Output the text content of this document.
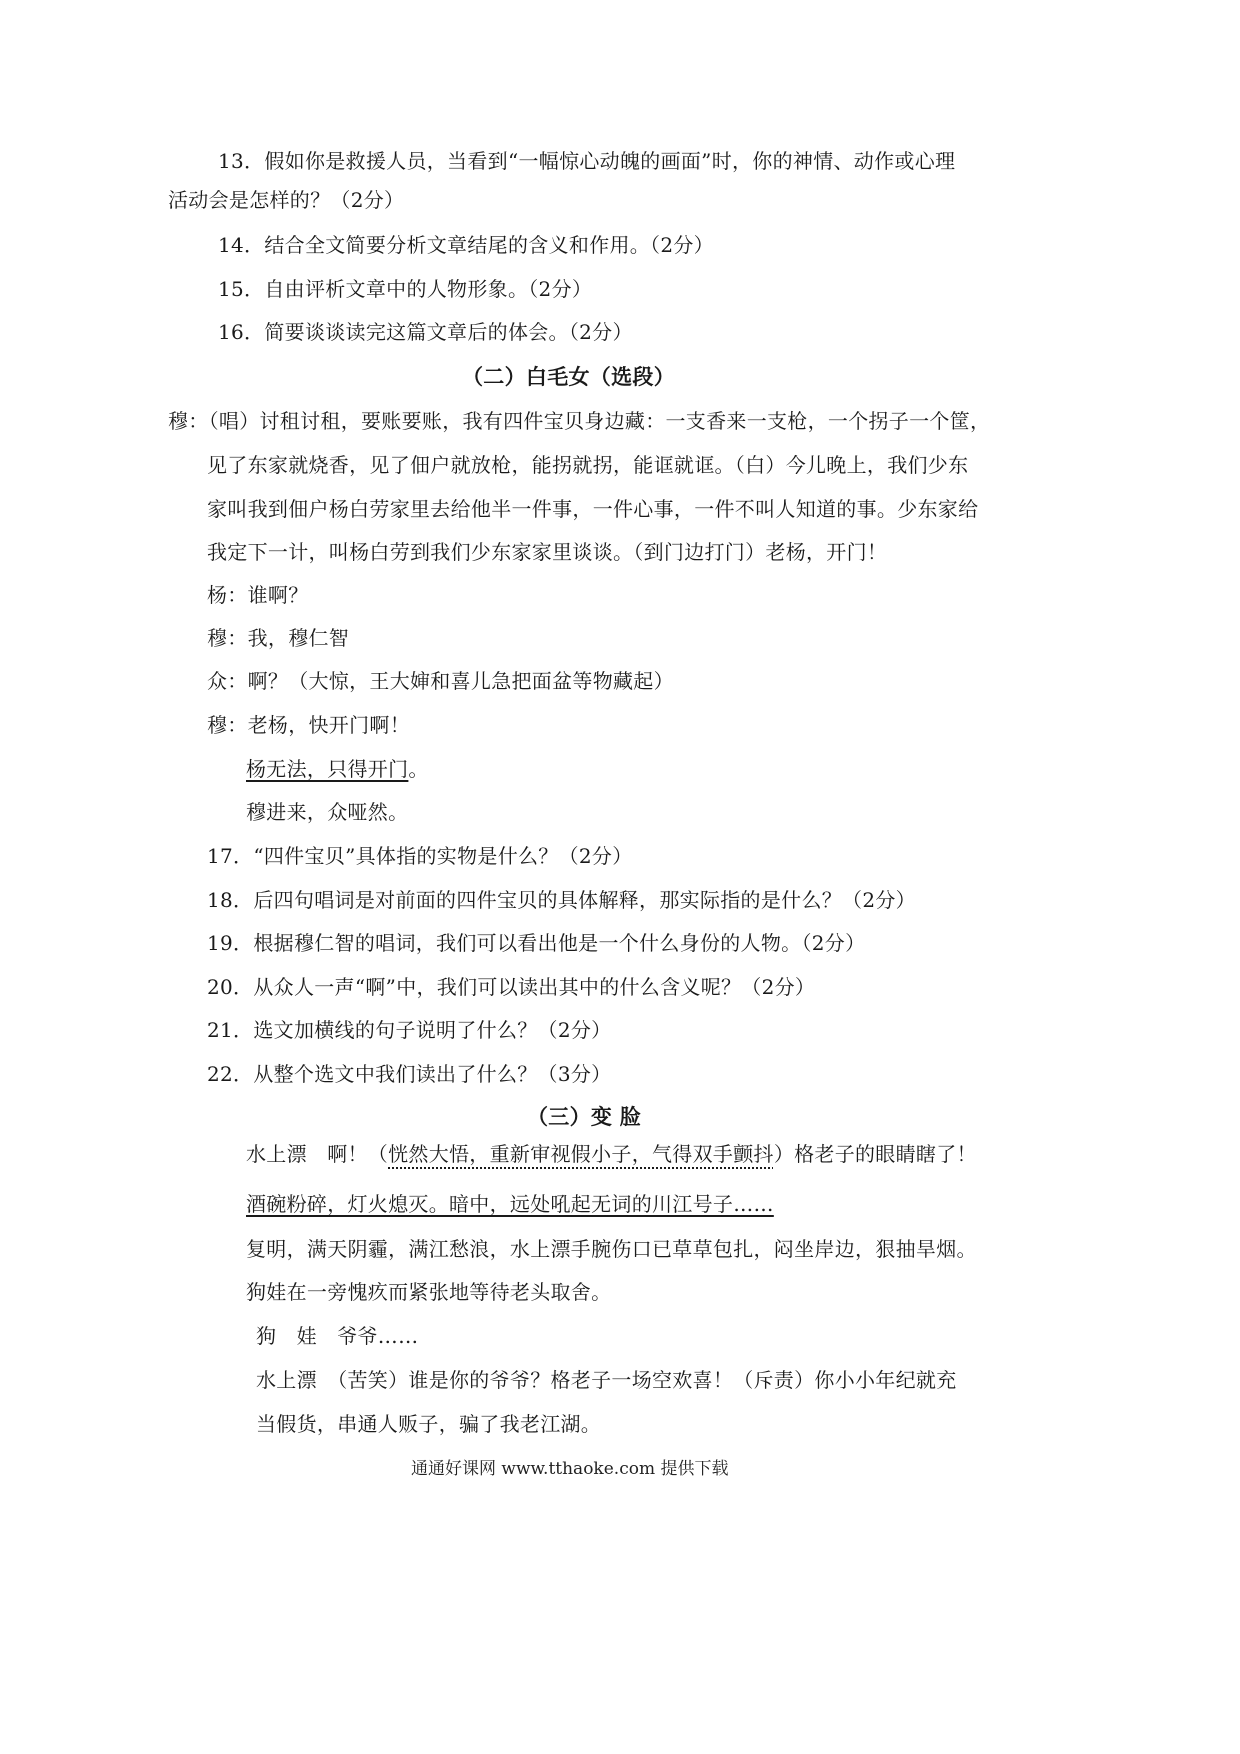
13．假如你是救援人员，当看到“一幅惊心动魄的画面”时，你的神情、动作或心理
活动会是怎样的？（2分）
14．结合全文简要分析文章结尾的含义和作用。（2分）
15．自由评析文章中的人物形象。（2分）
16．简要谈谈读完这篇文章后的体会。（2分）
（二）白毛女（选段）
穆：（唱）讨租讨租，要账要账，我有四件宝贝身边藏：一支香来一支枪，一个拐子一个筐，
见了东家就烧香，见了佃户就放枪，能拐就拐，能诓就诓。（白）今儿晚上，我们少东
家叫我到佃户杨白劳家里去给他半一件事，一件心事，一件不叫人知道的事。少东家给
我定下一计，叫杨白劳到我们少东家家里谈谈。（到门边打门）老杨，开门！
杨：谁啊？
穆：我，穆仁智
众：啊？（大惊，王大婶和喜儿急把面盆等物藏起）
穆：老杨，快开门啊！
杨无法，只得开门。
穆进来，众哑然。
17．“四件宝贝”具体指的实物是什么？（2分）
18．后四句唱词是对前面的四件宝贝的具体解释，那实际指的是什么？（2分）
19．根据穆仁智的唱词，我们可以看出他是一个什么身份的人物。（2分）
20．从众人一声“啊”中，我们可以读出其中的什么含义呢？（2分）
21．选文加横线的句子说明了什么？（2分）
22．从整个选文中我们读出了什么？（3分）
（三）变 脸
水上漂　啊！（恍然大悟，重新审视假小子，气得双手颤抖）格老子的眼睛瞎了！
酒碗粉碎，灯火熄灭。暗中，远处吼起无词的川江号子……
复明，满天阴霾，满江愁浪，水上漂手腕伤口已草草包扎，闷坐岸边，狠抽旱烟。
狗娃在一旁愧疚而紧张地等待老头取舍。
狗　娃　爷爷……
水上漂　（苦笑）谁是你的爷爷？格老子一场空欢喜！（斥责）你小小年纪就充
当假货，串通人贩子，骗了我老江湖。
通通好课网 www.tthaoke.com 提供下载
